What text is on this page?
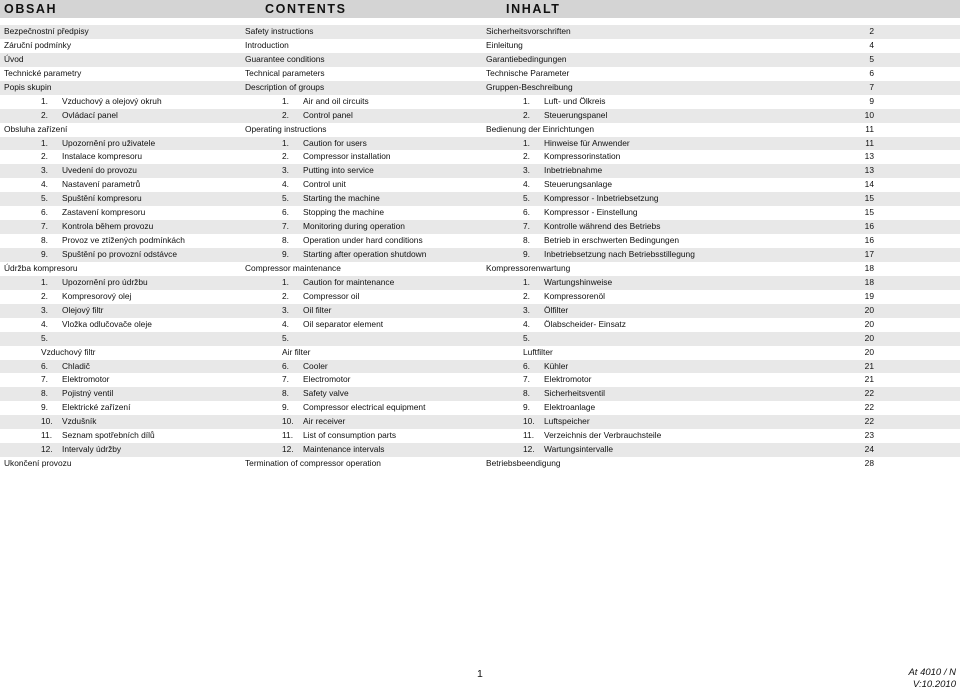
OBSAH	CONTENTS	INHALT
Bezpečnostní předpisy	Safety instructions	Sicherheitsvorschriften	2
Záruční podmínky	Introduction	Einleitung	4
Úvod	Guarantee conditions	Garantiebedingungen	5
Technické parametry	Technical parameters	Technische Parameter	6
Popis skupin	Description of groups	Gruppen-Beschreibung	7
1. Vzduchový a olejový okruh	1. Air and oil circuits	1. Luft- und Ölkreis	9
2. Ovládací panel	2. Control panel	2. Steuerungspanel	10
Obsluha zařízení	Operating instructions	Bedienung der Einrichtungen	11
1. Upozornění pro uživatele	1. Caution for users	1. Hinweise für Anwender	11
2. Instalace kompresoru	2. Compressor installation	2. Kompressorinstation	13
3. Uvedení do provozu	3. Putting into service	3. Inbetriebnahme	13
4. Nastavení parametrů	4. Control unit	4. Steuerungsanlage	14
5. Spuštění kompresoru	5. Starting the machine	5. Kompressor - Inbetriebsetzung	15
6. Zastavení kompresoru	6. Stopping the machine	6. Kompressor - Einstellung	15
7. Kontrola během provozu	7. Monitoring during operation	7. Kontrolle während des Betriebs	16
8. Provoz ve ztížených podmínkách	8. Operation under hard conditions	8. Betrieb in erschwerten Bedingungen	16
9. Spuštění po provozní odstávce	9. Starting after operation shutdown	9. Inbetriebsetzung nach Betriebsstillegung	17
Údržba kompresoru	Compressor maintenance	Kompressorenwartung	18
1. Upozornění pro údržbu	1. Caution for maintenance	1. Wartungshinweise	18
2. Kompresorový olej	2. Compressor oil	2. Kompressorenöl	19
3. Olejový filtr	3. Oil filter	3. Ölfilter	20
4. Vložka odlučovače oleje	4. Oil separator element	4. Ölabscheider- Einsatz	20
5.	5.	5.	20
Vzduchový filtr	Air filter	Luftfilter	20
6. Chladič	6. Cooler	6. Kühler	21
7. Elektromotor	7. Electromotor	7. Elektromotor	21
8. Pojistný ventil	8. Safety valve	8. Sicherheitsventil	22
9. Elektrické zařízení	9. Compressor electrical equipment	9. Elektroanlage	22
10. Vzdušník	10. Air receiver	10. Luftspeicher	22
11. Seznam spotřebních dílů	11. List of consumption parts	11. Verzeichnis der Verbrauchsteile	23
12. Intervaly údržby	12. Maintenance intervals	12. Wartungsintervalle	24
Ukončení provozu	Termination of compressor operation	Betriebsbeendigung	28
1	At 4010 / N
V:10.2010
